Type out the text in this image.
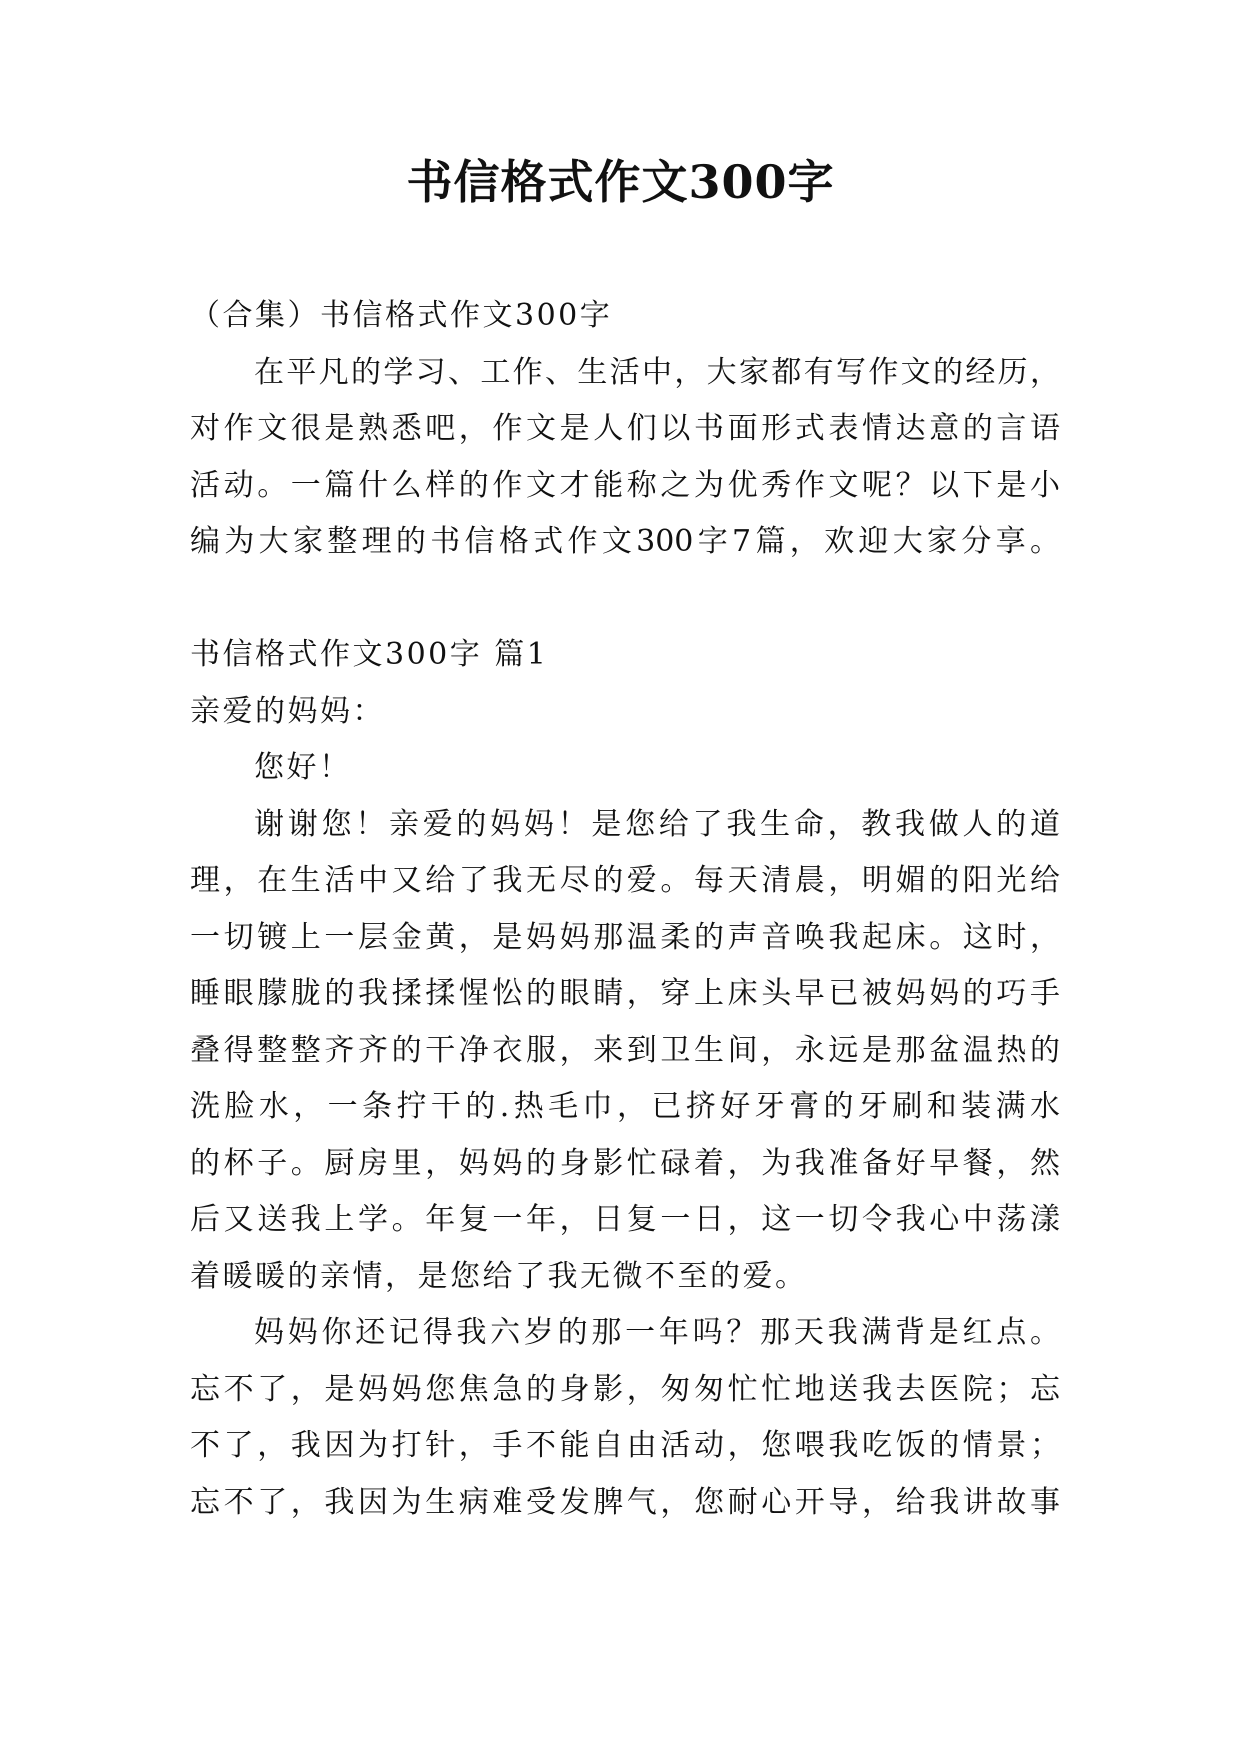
书信格式作文300字
（合集）书信格式作文300字
在平凡的学习、工作、生活中，大家都有写作文的经历，
对作文很是熟悉吧，作文是人们以书面形式表情达意的言语
活动。一篇什么样的作文才能称之为优秀作文呢？以下是小
编为大家整理的书信格式作文300字7篇，欢迎大家分享。
书信格式作文300字 篇1
亲爱的妈妈：
您好！
谢谢您！亲爱的妈妈！是您给了我生命，教我做人的道
理，在生活中又给了我无尽的爱。每天清晨，明媚的阳光给
一切镀上一层金黄，是妈妈那温柔的声音唤我起床。这时，
睡眼朦胧的我揉揉惺忪的眼睛，穿上床头早已被妈妈的巧手
叠得整整齐齐的干净衣服，来到卫生间，永远是那盆温热的
洗脸水，一条拧干的.热毛巾，已挤好牙膏的牙刷和装满水
的杯子。厨房里，妈妈的身影忙碌着，为我准备好早餐，然
后又送我上学。年复一年，日复一日，这一切令我心中荡漾
着暖暖的亲情，是您给了我无微不至的爱。
妈妈你还记得我六岁的那一年吗？那天我满背是红点。
忘不了，是妈妈您焦急的身影，匆匆忙忙地送我去医院；忘
不了，我因为打针，手不能自由活动，您喂我吃饭的情景；
忘不了，我因为生病难受发脾气，您耐心开导，给我讲故事
